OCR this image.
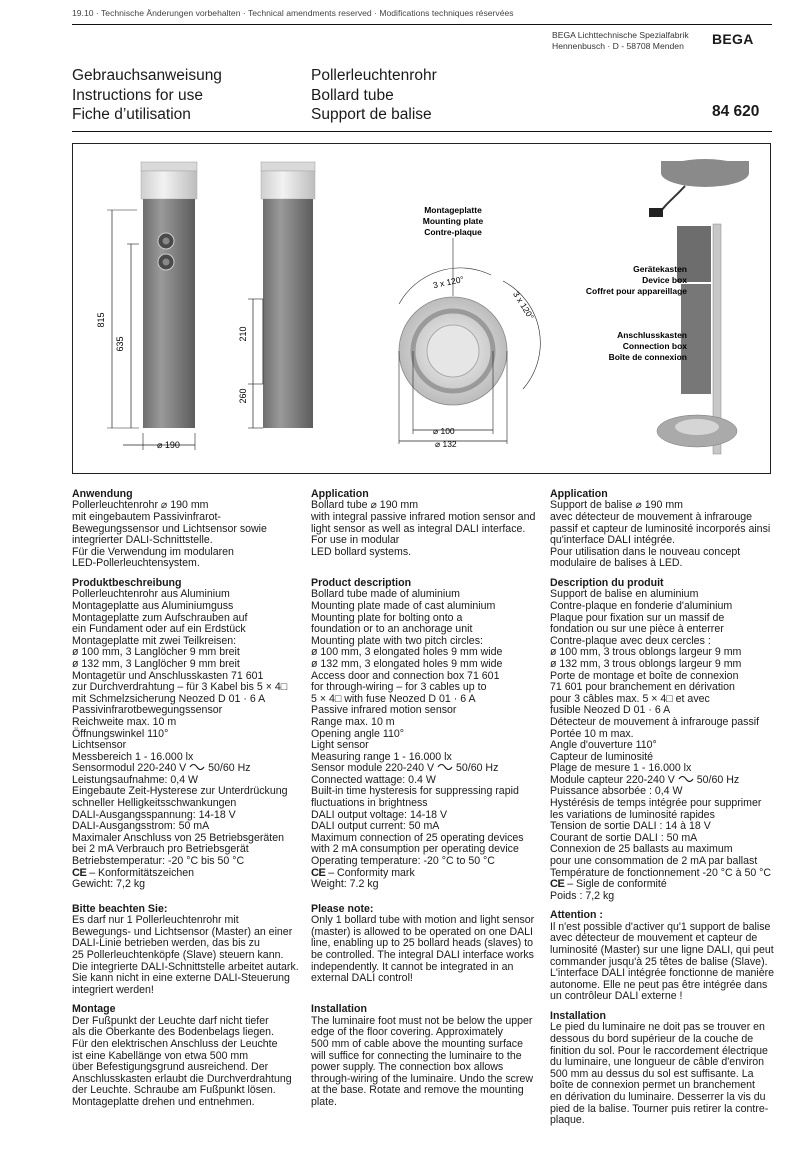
19.10 · Technische Änderungen vorbehalten · Technical amendments reserved · Modifications techniques réservées
BEGA Lichttechnische Spezialfabrik
Hennenbusch · D - 58708 Menden	BEGA
Gebrauchsanweisung
Instructions for use
Fiche d’utilisation
Pollerleuchtenrohr
Bollard tube
Support de balise	84 620
815
635
⌀ 190
210
260
Montageplatte
Mounting plate
Contre-plaque
3 x 120°
3 x 120°
⌀ 100
⌀ 132
Gerätekasten
Device box
Coffret pour appareillage
Anschlusskasten
Connection box
Boîte de connexion
Anwendung
Pollerleuchtenrohr ⌀ 190 mm
mit eingebautem Passivinfrarot-
Bewegungssensor und Lichtsensor sowie
integrierter DALI-Schnittstelle.
Für die Verwendung im modularen
LED-Pollerleuchtensystem.
Produktbeschreibung
Pollerleuchtenrohr aus Aluminium
Montageplatte aus Aluminiumguss
Montageplatte zum Aufschrauben auf
ein Fundament oder auf ein Erdstück
Montageplatte mit zwei Teilkreisen:
ø 100 mm, 3 Langlöcher 9 mm breit
ø 132 mm, 3 Langlöcher 9 mm breit
Montagetür und Anschlusskasten 71 601
zur Durchverdrahtung – für 3 Kabel bis 5 × 4□
mit Schmelzsicherung Neozed D 01 · 6 A
Passivinfrarotbewegungssensor
Reichweite max. 10 m
Öffnungswinkel 110°
Lichtsensor
Messbereich 1 - 16.000 lx
Sensormodul 220-240 V  50/60 Hz
Leistungsaufnahme: 0,4 W
Eingebaute Zeit-Hysterese zur Unterdrückung
schneller Helligkeitsschwankungen
DALI-Ausgangsspannung: 14-18 V
DALI-Ausgangsstrom: 50 mA
Maximaler Anschluss von 25 Betriebsgeräten
bei 2 mA Verbrauch pro Betriebsgerät
Betriebstemperatur: -20 °C bis 50 °C
CE – Konformitätszeichen
Gewicht: 7,2 kg
Bitte beachten Sie:
Es darf nur 1 Pollerleuchtenrohr mit
Bewegungs- und Lichtsensor (Master) an einer
DALI-Linie betrieben werden, das bis zu
25 Pollerleuchtenköpfe (Slave) steuern kann.
Die integrierte DALI-Schnittstelle arbeitet autark.
Sie kann nicht in eine externe DALI-Steuerung
integriert werden!
Montage
Der Fußpunkt der Leuchte darf nicht tiefer
als die Oberkante des Bodenbelags liegen.
Für den elektrischen Anschluss der Leuchte
ist eine Kabellänge von etwa 500 mm
über Befestigungsgrund ausreichend. Der
Anschlusskasten erlaubt die Durchverdrahtung
der Leuchte. Schraube am Fußpunkt lösen.
Montageplatte drehen und entnehmen.
Application
Bollard tube ⌀ 190 mm
with integral passive infrared motion sensor and
light sensor as well as integral DALI interface.
For use in modular
LED bollard systems.

Product description
Bollard tube made of aluminium
Mounting plate made of cast aluminium
Mounting plate for bolting onto a
foundation or to an anchorage unit
Mounting plate with two pitch circles:
ø 100 mm, 3 elongated holes 9 mm wide
ø 132 mm, 3 elongated holes 9 mm wide
Access door and connection box 71 601
for through-wiring – for 3 cables up to
5 × 4□ with fuse Neozed D 01 · 6 A
Passive infrared motion sensor
Range max. 10 m
Opening angle 110°
Light sensor
Measuring range 1 - 16.000 lx
Sensor module 220-240 V  50/60 Hz
Connected wattage: 0.4 W
Built-in time hysteresis for suppressing rapid
fluctuations in brightness
DALI output voltage: 14-18 V
DALI output current: 50 mA
Maximum connection of 25 operating devices
with 2 mA consumption per operating device
Operating temperature: -20 °C to 50 °C
CE – Conformity mark
Weight: 7.2 kg
Please note:
Only 1 bollard tube with motion and light sensor
(master) is allowed to be operated on one DALI
line, enabling up to 25 bollard heads (slaves) to
be controlled. The integral DALI interface works
independently. It cannot be integrated in an
external DALI control!

Installation
The luminaire foot must not be below the upper
edge of the floor covering. Approximately
500 mm of cable above the mounting surface
will suffice for connecting the luminaire to the
power supply. The connection box allows
through-wiring of the luminaire. Undo the screw
at the base. Rotate and remove the mounting
plate.
Application
Support de balise ⌀ 190 mm
avec détecteur de mouvement à infrarouge
passif et capteur de luminosité incorporés ainsi
qu'interface DALI intégrée.
Pour utilisation dans le nouveau concept
modulaire de balises à LED.
Description du produit
Support de balise en aluminium
Contre-plaque en fonderie d'aluminium
Plaque pour fixation sur un massif de
fondation ou sur une pièce à enterrer
Contre-plaque avec deux cercles :
ø 100 mm, 3 trous oblongs largeur 9 mm
ø 132 mm, 3 trous oblongs largeur 9 mm
Porte de montage et boîte de connexion
71 601 pour branchement en dérivation
pour 3 câbles max. 5 × 4□ et avec
fusible Neozed D 01 · 6 A
Détecteur de mouvement à infrarouge passif
Portée 10 m max.
Angle d'ouverture 110°
Capteur de luminosité
Plage de mesure 1 - 16.000 lx
Module capteur 220-240 V  50/60 Hz
Puissance absorbée : 0,4 W
Hystérésis de temps intégrée pour supprimer
les variations de luminosité rapides
Tension de sortie DALI : 14 à 18 V
Courant de sortie DALI : 50 mA
Connexion de 25 ballasts au maximum
pour une consommation de 2 mA par ballast
Température de fonctionnement -20 °C à 50 °C
CE – Sigle de conformité
Poids : 7,2 kg
Attention :
Il n'est possible d'activer qu'1 support de balise
avec détecteur de mouvement et capteur de
luminosité (Master) sur une ligne DALI, qui peut
commander jusqu'à 25 têtes de balise (Slave).
L'interface DALI intégrée fonctionne de manière
autonome. Elle ne peut pas être intégrée dans
un contrôleur DALI externe !
Installation
Le pied du luminaire ne doit pas se trouver en
dessous du bord supérieur de la couche de
finition du sol. Pour le raccordement électrique
du luminaire, une longueur de câble d'environ
500 mm au dessus du sol est suffisante. La
boîte de connexion permet un branchement
en dérivation du luminaire. Desserrer la vis du
pied de la balise. Tourner puis retirer la contre-
plaque.
